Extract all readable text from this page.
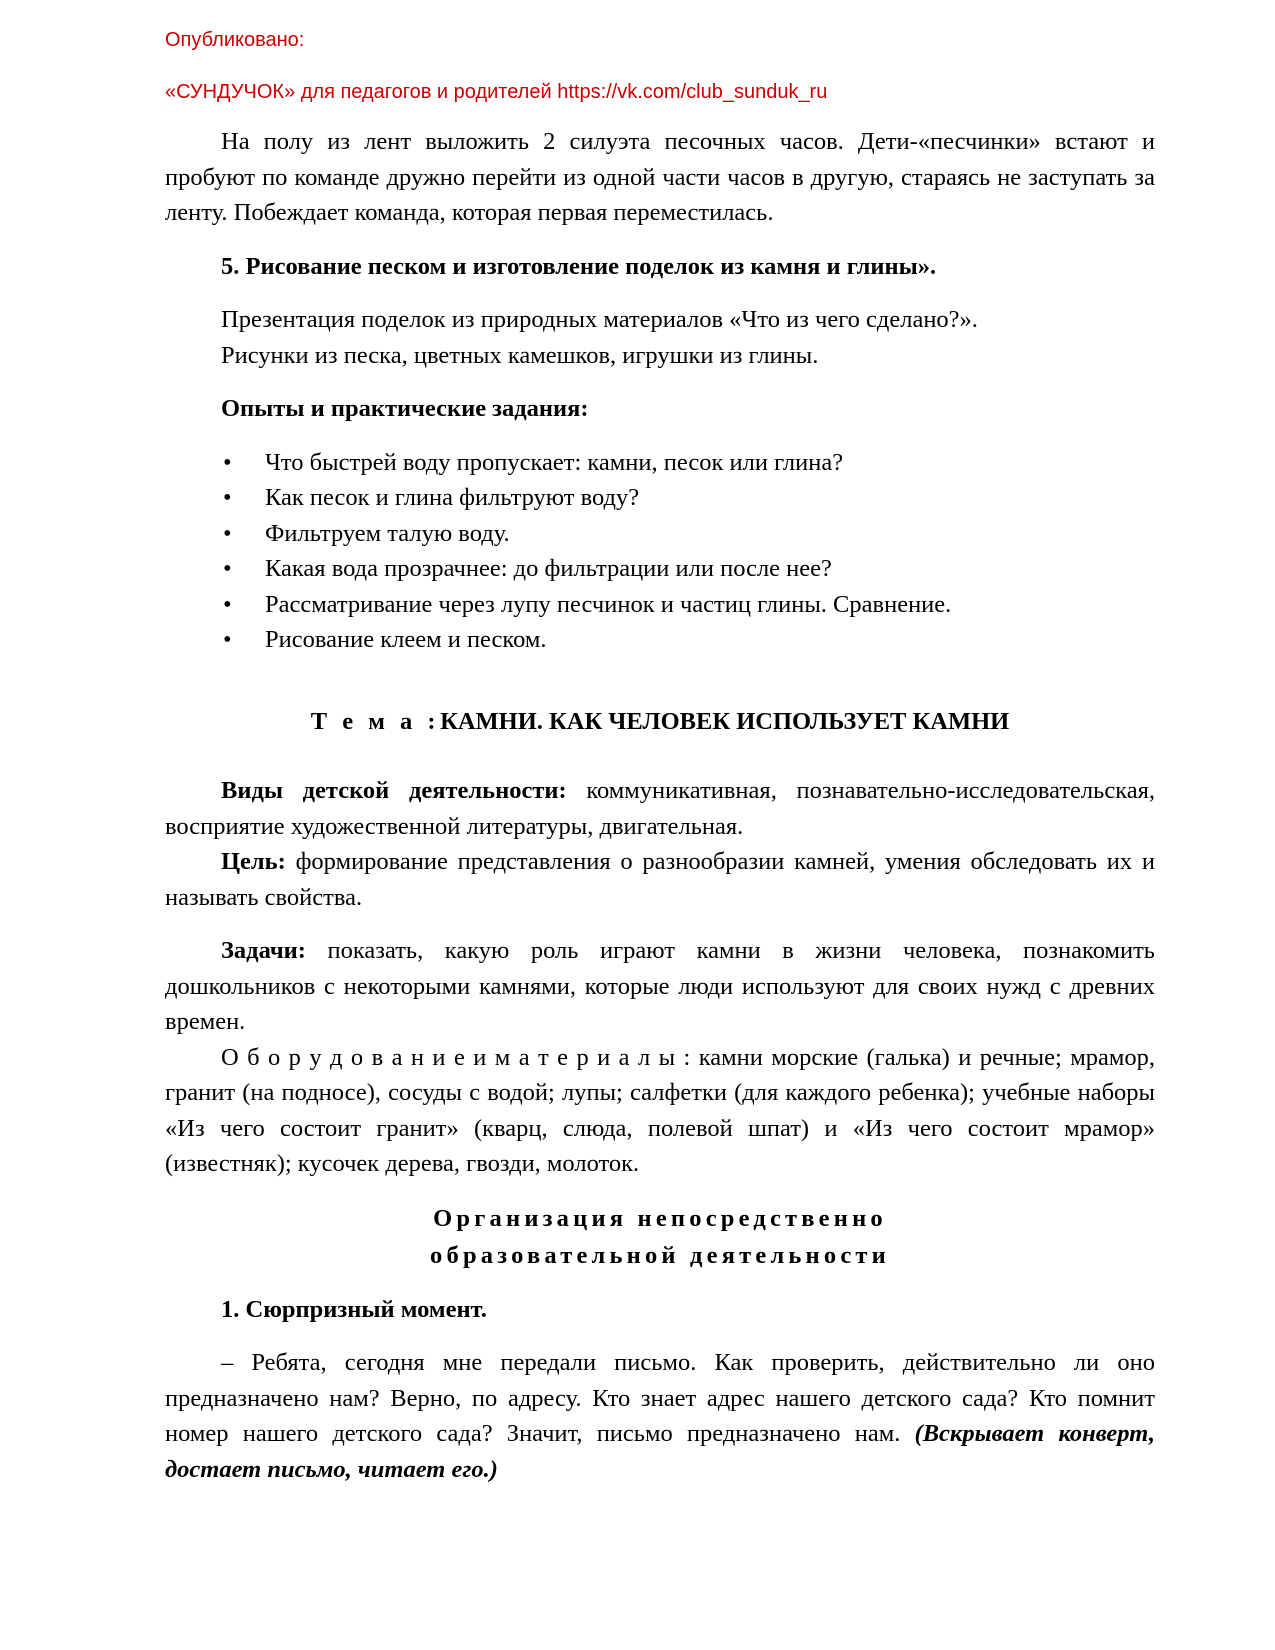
Опубликовано:
«СУНДУЧОК» для педагогов и родителей https://vk.com/club_sunduk_ru

На полу из лент выложить 2 силуэта песочных часов. Дети-«песчинки» встают и пробуют по команде дружно перейти из одной части часов в другую, стараясь не заступать за ленту. Побеждает команда, которая первая переместилась.

5. Рисование песком и изготовление поделок из камня и глины».

Презентация поделок из природных материалов «Что из чего сделано?».

Рисунки из песка, цветных камешков, игрушки из глины.

Опыты и практические задания:
• Что быстрей воду пропускает: камни, песок или глина?
• Как песок и глина фильтруют воду?
• Фильтруем талую воду.
• Какая вода прозрачнее: до фильтрации или после нее?
• Рассматривание через лупу песчинок и частиц глины. Сравнение.
• Рисование клеем и песком.
Т е м а :КАМНИ. КАК ЧЕЛОВЕК ИСПОЛЬЗУЕТ КАМНИ

Виды детской деятельности: коммуникативная, познавательно-исследовательская, восприятие художественной литературы, двигательная.

Цель: формирование представления о разнообразии камней, умения обследовать их и называть свойства.

Задачи: показать, какую роль играют камни в жизни человека, познакомить дошкольников с некоторыми камнями, которые люди используют для своих нужд с древних времен.

О б о р у д о в а н и е и м а т е р и а л ы : камни морские (галька) и речные; мрамор, гранит (на подносе), сосуды с водой; лупы; салфетки (для каждого ребенка); учебные наборы «Из чего состоит гранит» (кварц, слюда, полевой шпат) и «Из чего состоит мрамор» (известняк); кусочек дерева, гвозди, молоток.

Организация непосредственно
образовательной деятельности
1. Сюрпризный момент.

– Ребята, сегодня мне передали письмо. Как проверить, действительно ли оно предназначено нам? Верно, по адресу. Кто знает адрес нашего детского сада? Кто помнит номер нашего детского сада? Значит, письмо предназначено нам. (Вскрывает конверт, достает письмо, читает его.)
